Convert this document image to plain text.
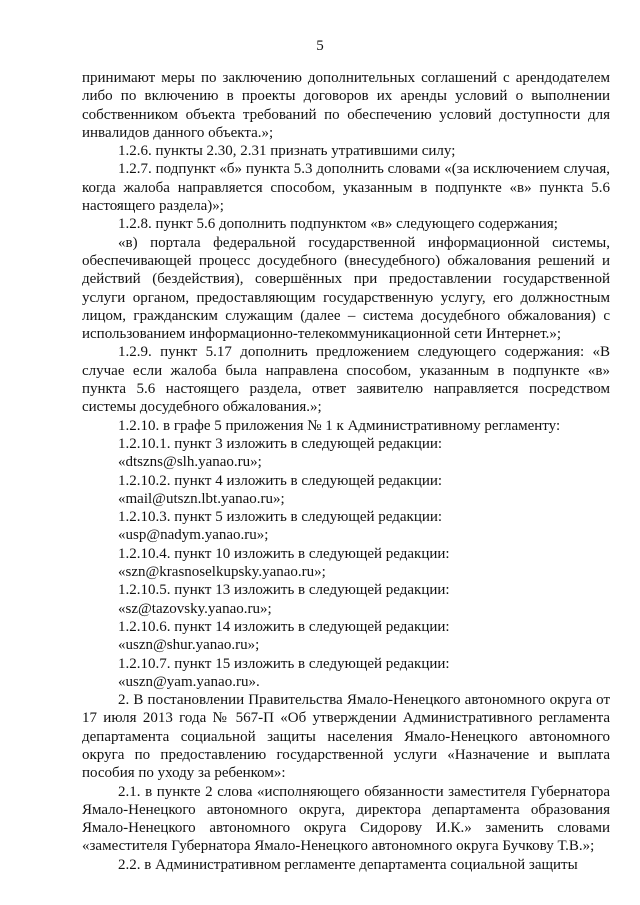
5

принимают меры по заключению дополнительных соглашений с арендодателем либо по включению в проекты договоров их аренды условий о выполнении собственником объекта требований по обеспечению условий доступности для инвалидов данного объекта.»;

1.2.6. пункты 2.30, 2.31 признать утратившими силу;

1.2.7. подпункт «б» пункта 5.3 дополнить словами «(за исключением случая, когда жалоба направляется способом, указанным в подпункте «в» пункта 5.6 настоящего раздела)»;

1.2.8. пункт 5.6 дополнить подпунктом «в» следующего содержания;

«в) портала федеральной государственной информационной системы, обеспечивающей процесс досудебного (внесудебного) обжалования решений и действий (бездействия), совершённых при предоставлении государственной услуги органом, предоставляющим государственную услугу, его должностным лицом, гражданским служащим (далее – система досудебного обжалования) с использованием информационно-телекоммуникационной сети Интернет.»;

1.2.9. пункт 5.17 дополнить предложением следующего содержания: «В случае если жалоба была направлена способом, указанным в подпункте «в» пункта 5.6 настоящего раздела, ответ заявителю направляется посредством системы досудебного обжалования.»;

1.2.10. в графе 5 приложения № 1 к Административному регламенту:

1.2.10.1. пункт 3 изложить в следующей редакции:

«dtszns@slh.yanao.ru»;

1.2.10.2. пункт 4 изложить в следующей редакции:

«mail@utszn.lbt.yanao.ru»;

1.2.10.3. пункт 5 изложить в следующей редакции:

«usp@nadym.yanao.ru»;

1.2.10.4. пункт 10 изложить в следующей редакции:

«szn@krasnoselkupsky.yanao.ru»;

1.2.10.5. пункт 13 изложить в следующей редакции:

«sz@tazovsky.yanao.ru»;

1.2.10.6. пункт 14 изложить в следующей редакции:

«uszn@shur.yanao.ru»;

1.2.10.7. пункт 15 изложить в следующей редакции:

«uszn@yam.yanao.ru».

2. В постановлении Правительства Ямало-Ненецкого автономного округа от 17 июля 2013 года № 567-П «Об утверждении Административного регламента департамента социальной защиты населения Ямало-Ненецкого автономного округа по предоставлению государственной услуги «Назначение и выплата пособия по уходу за ребенком»:

2.1. в пункте 2 слова «исполняющего обязанности заместителя Губернатора Ямало-Ненецкого автономного округа, директора департамента образования Ямало-Ненецкого автономного округа Сидорову И.К.» заменить словами «заместителя Губернатора Ямало-Ненецкого автономного округа Бучкову Т.В.»;

2.2. в Административном регламенте департамента социальной защиты
